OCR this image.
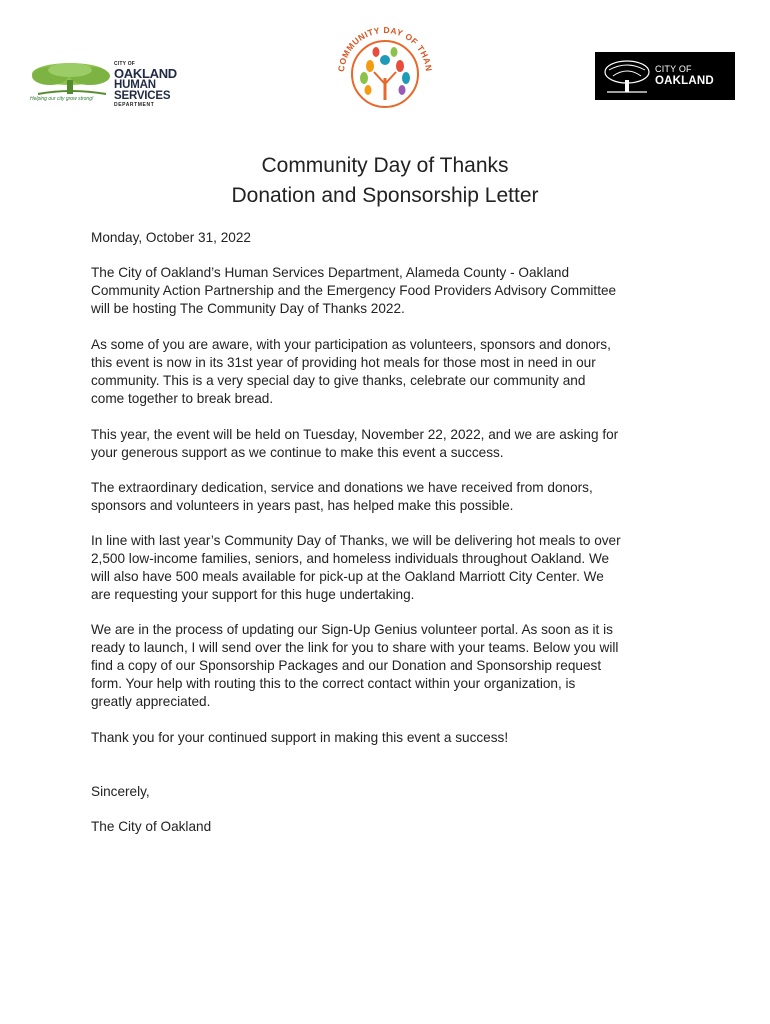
CITY OF
OAKLAND
HUMAN
SERVICES
DEPARTMENT
Helping our city grow strong!
COMMUNITY DAY OF THAN	CITY OF
OAKLAND
Community Day of Thanks
Donation and Sponsorship Letter

Monday, October 31, 2022

The City of Oakland’s Human Services Department, Alameda County - Oakland
Community Action Partnership and the Emergency Food Providers Advisory Committee
will be hosting The Community Day of Thanks 2022.

As some of you are aware, with your participation as volunteers, sponsors and donors,
this event is now in its 31st year of providing hot meals for those most in need in our
community. This is a very special day to give thanks, celebrate our community and
come together to break bread.

This year, the event will be held on Tuesday, November 22, 2022, and we are asking for
your generous support as we continue to make this event a success.

The extraordinary dedication, service and donations we have received from donors,
sponsors and volunteers in years past, has helped make this possible.

In line with last year’s Community Day of Thanks, we will be delivering hot meals to over
2,500 low-income families, seniors, and homeless individuals throughout Oakland. We
will also have 500 meals available for pick-up at the Oakland Marriott City Center. We
are requesting your support for this huge undertaking.

We are in the process of updating our Sign-Up Genius volunteer portal. As soon as it is
ready to launch, I will send over the link for you to share with your teams. Below you will
find a copy of our Sponsorship Packages and our Donation and Sponsorship request
form. Your help with routing this to the correct contact within your organization, is
greatly appreciated.

Thank you for your continued support in making this event a success!

Sincerely,

The City of Oakland
